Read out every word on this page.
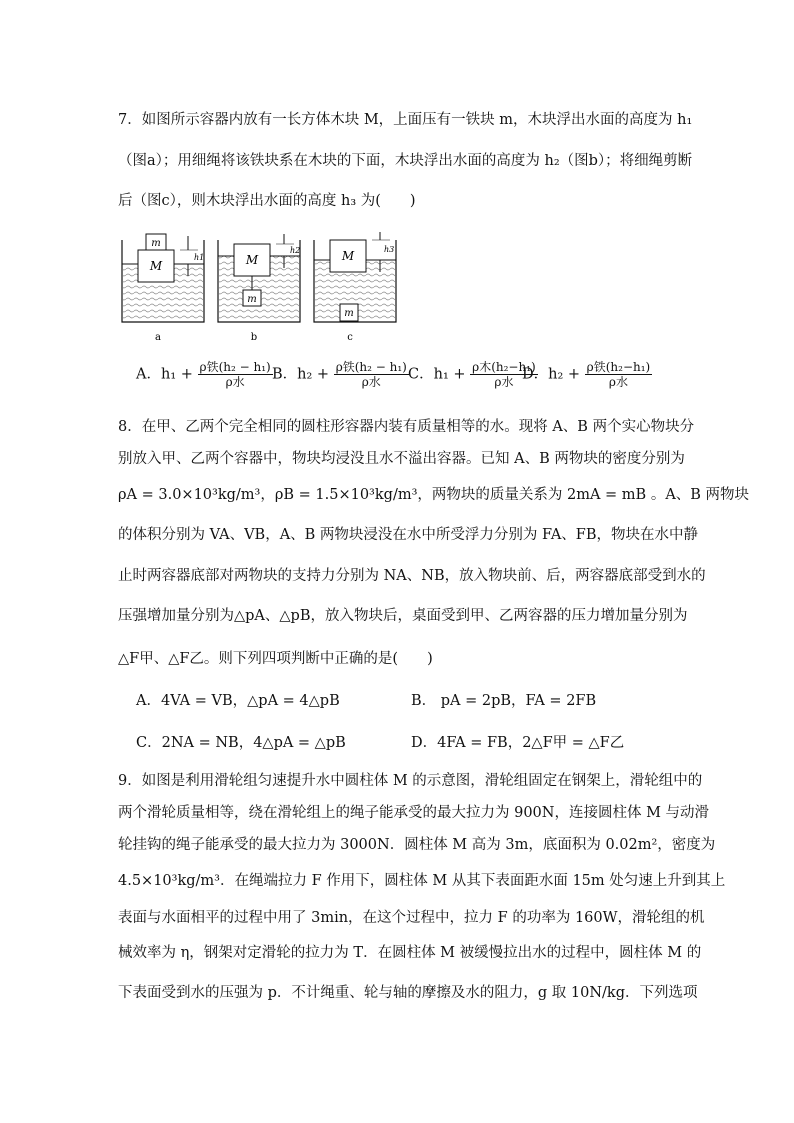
7．如图所示容器内放有一长方体木块 M，上面压有一铁块 m，木块浮出水面的高度为 h₁
（图a）；用细绳将该铁块系在木块的下面，木块浮出水面的高度为 h₂（图b）；将细绳剪断
后（图c），则木块浮出水面的高度 h₃ 为(　　)
m
M
h1
a
M
m
h2
b
M
m
h3
c
A．$h_1 + \frac{\text{ρ铁(h₂ − h₁)}}{\text{ρ水}}$ B．$h_2 + \frac{\text{ρ铁(h₂ − h₁)}}{\text{ρ水}}$ C．$h_1 + \frac{\text{ρ木(h₂−h₁)}}{\text{ρ水}}$
D．$h_2 + \frac{\text{ρ铁(h₂−h₁)}}{\text{ρ水}}$
8．在甲、乙两个完全相同的圆柱形容器内装有质量相等的水。现将 A、B 两个实心物块分
别放入甲、乙两个容器中，物块均浸没且水不溢出容器。已知 A、B 两物块的密度分别为
ρA = 3.0×10³kg/m³，ρB = 1.5×10³kg/m³，两物块的质量关系为 2mA = mB 。A、B 两物块
的体积分别为 VA、VB，A、B 两物块浸没在水中所受浮力分别为 FA、FB，物块在水中静
止时两容器底部对两物块的支持力分别为 NA、NB，放入物块前、后，两容器底部受到水的
压强增加量分别为△pA、△pB，放入物块后，桌面受到甲、乙两容器的压力增加量分别为
△F甲、△F乙。则下列四项判断中正确的是(　　)
A．4VA = VB，△pA = 4△pB	B． pA = 2pB，FA = 2FB
C．2NA = NB，4△pA = △pB	D．4FA = FB，2△F甲 = △F乙
9．如图是利用滑轮组匀速提升水中圆柱体 M 的示意图，滑轮组固定在钢架上，滑轮组中的
两个滑轮质量相等，绕在滑轮组上的绳子能承受的最大拉力为 900N，连接圆柱体 M 与动滑
轮挂钩的绳子能承受的最大拉力为 3000N．圆柱体 M 高为 3m，底面积为 0.02m²，密度为
4.5×10³kg/m³．在绳端拉力 F 作用下，圆柱体 M 从其下表面距水面 15m 处匀速上升到其上
表面与水面相平的过程中用了 3min，在这个过程中，拉力 F 的功率为 160W，滑轮组的机
械效率为 η，钢架对定滑轮的拉力为 T．在圆柱体 M 被缓慢拉出水的过程中，圆柱体 M 的
下表面受到水的压强为 p．不计绳重、轮与轴的摩擦及水的阻力，g 取 10N/kg．下列选项
